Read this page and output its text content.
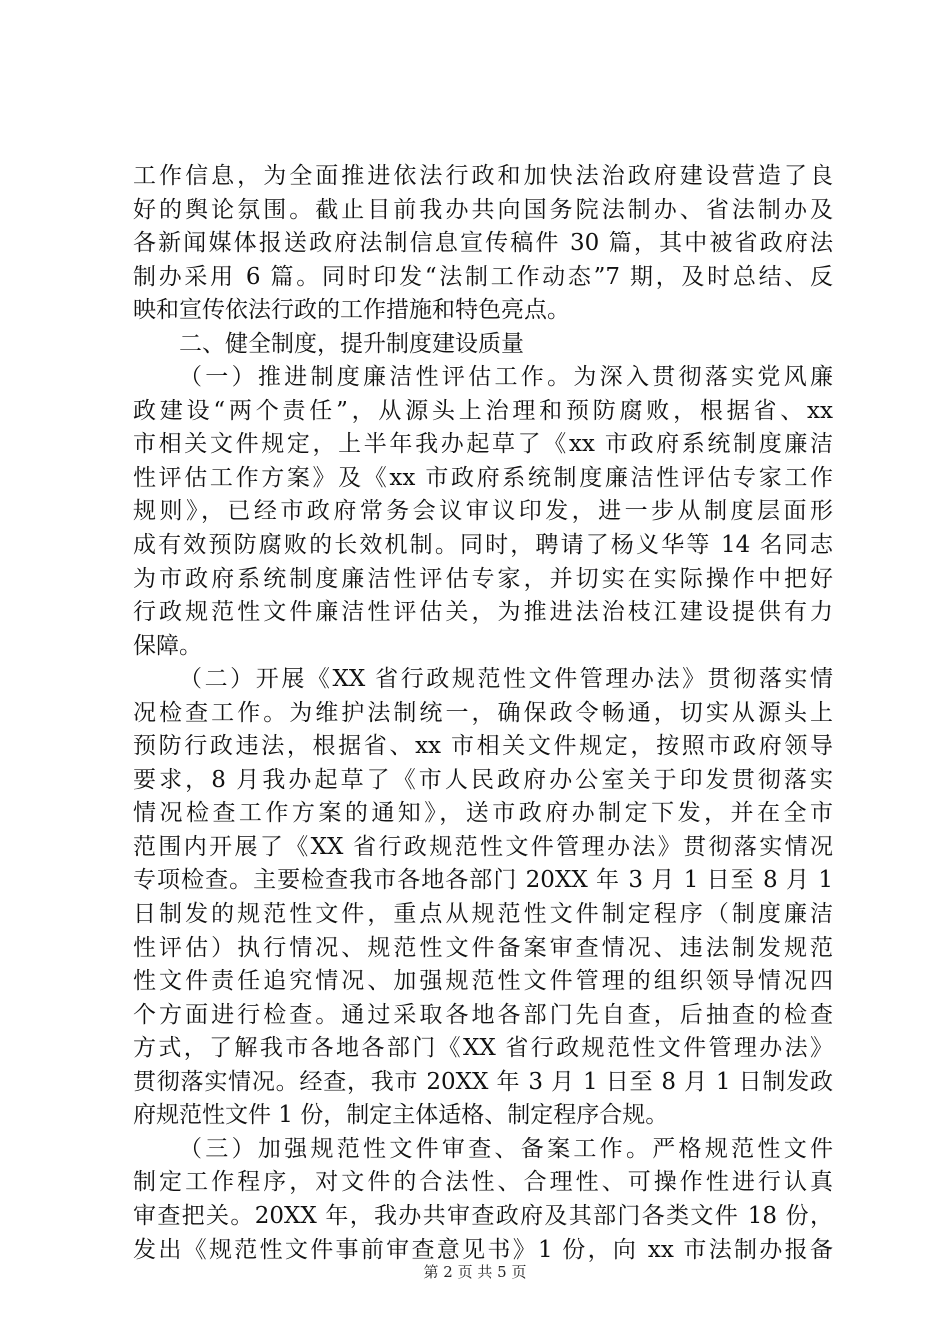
工作信息，为全面推进依法行政和加快法治政府建设营造了良
好的舆论氛围。截止目前我办共向国务院法制办、省法制办及
各新闻媒体报送政府法制信息宣传稿件 30 篇，其中被省政府法
制办采用 6 篇。同时印发“法制工作动态”7 期，及时总结、反
映和宣传依法行政的工作措施和特色亮点。
二、健全制度，提升制度建设质量
（一）推进制度廉洁性评估工作。为深入贯彻落实党风廉
政建设“两个责任”，从源头上治理和预防腐败，根据省、xx
市相关文件规定，上半年我办起草了《xx 市政府系统制度廉洁
性评估工作方案》及《xx 市政府系统制度廉洁性评估专家工作
规则》，已经市政府常务会议审议印发，进一步从制度层面形
成有效预防腐败的长效机制。同时，聘请了杨义华等 14 名同志
为市政府系统制度廉洁性评估专家，并切实在实际操作中把好
行政规范性文件廉洁性评估关，为推进法治枝江建设提供有力
保障。
（二）开展《XX 省行政规范性文件管理办法》贯彻落实情
况检查工作。为维护法制统一，确保政令畅通，切实从源头上
预防行政违法，根据省、xx 市相关文件规定，按照市政府领导
要求，8 月我办起草了《市人民政府办公室关于印发贯彻落实
情况检查工作方案的通知》，送市政府办制定下发，并在全市
范围内开展了《XX 省行政规范性文件管理办法》贯彻落实情况
专项检查。主要检查我市各地各部门 20XX 年 3 月 1 日至 8 月 1
日制发的规范性文件，重点从规范性文件制定程序（制度廉洁
性评估）执行情况、规范性文件备案审查情况、违法制发规范
性文件责任追究情况、加强规范性文件管理的组织领导情况四
个方面进行检查。通过采取各地各部门先自查，后抽查的检查
方式，了解我市各地各部门《XX 省行政规范性文件管理办法》
贯彻落实情况。经查，我市 20XX 年 3 月 1 日至 8 月 1 日制发政
府规范性文件 1 份，制定主体适格、制定程序合规。
（三）加强规范性文件审查、备案工作。严格规范性文件
制定工作程序，对文件的合法性、合理性、可操作性进行认真
审查把关。20XX 年，我办共审查政府及其部门各类文件 18 份，
发出《规范性文件事前审查意见书》1 份，向 xx 市法制办报备
第 2 页 共 5 页
